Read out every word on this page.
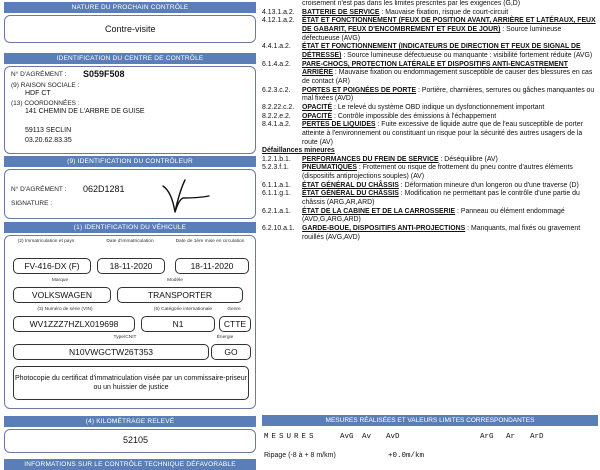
NATURE DU PROCHAIN CONTRÔLE
Contre-visite
IDENTIFICATION DU CENTRE DE CONTRÔLE
N° D'AGRÉMENT : S059F508
(9) RAISON SOCIALE :
HDF CT
(13) COORDONNÉES :
141 CHEMIN DE L'ARBRE DE GUISE
59113 SECLIN
03.20.62.83.35
(9) IDENTIFICATION DU CONTRÔLEUR
N° D'AGRÉMENT : 062D1281
SIGNATURE :
(1) IDENTIFICATION DU VÉHICULE
(2) Immatriculation et pays	Date d'immatriculation	Date de 1ère mise en circulation
FV-416-DX (F)	18-11-2020	18-11-2020
Marque	Modèle
VOLKSWAGEN	TRANSPORTER
(3) Numéro de série (VIN)	(5) Catégorie internationale	Genre
WV1ZZZ7HZLX019698	N1	CTTE
Type/CNIT	Énergie
N10VWGCTW26T353	GO
Photocopie du certificat d'immatriculation visée par un commissaire-priseur ou un huissier de justice
(4) KILOMÉTRAGE RELEVÉ
52105
INFORMATIONS SUR LE CONTRÔLE TECHNIQUE DÉFAVORABLE
croisement n'est pas dans les limites prescrites par les exigences (G,D)
4.13.1.a.2.	BATTERIE DE SERVICE : Mauvaise fixation, risque de court-circuit
4.12.1.a.2.	ÉTAT ET FONCTIONNEMENT (FEUX DE POSITION AVANT, ARRIÈRE ET LATÉRAUX, FEUX DE GABARIT, FEUX D'ENCOMBREMENT ET FEUX DE JOUR) : Source lumineuse défectueuse (AVG)
4.4.1.a.2.	ÉTAT ET FONCTIONNEMENT (INDICATEURS DE DIRECTION ET FEUX DE SIGNAL DE DÉTRESSE) : Source lumineuse défectueuse ou manquante : visibilité fortement réduite (AVG)
6.1.4.a.2.	PARE-CHOCS, PROTECTION LATÉRALE ET DISPOSITIFS ANTI-ENCASTREMENT ARRIÈRE : Mauvaise fixation ou endommagement susceptible de causer des blessures en cas de contact (AR)
6.2.3.c.2.	PORTES ET POIGNÉES DE PORTE : Portière, charnières, serrures ou gâches manquantes ou mal fixées (AVD)
8.2.22.c.2.	OPACITÉ : Le relevé du système OBD indique un dysfonctionnement important
8.2.2.e.2.	OPACITÉ : Contrôle impossible des émissions à l'échappement
8.4.1.a.2.	PERTES DE LIQUIDES : Fuite excessive de liquide autre que de l'eau susceptible de porter atteinte à l'environnement ou constituant un risque pour la sécurité des autres usagers de la route (AV)
Défaillances mineures
1.2.1.b.1.	PERFORMANCES DU FREIN DE SERVICE : Déséquilibre (AV)
5.2.3.f.1.	PNEUMATIQUES : Frottement ou risque de frottement du pneu contre d'autres éléments (dispositifs antiprojections souples) (AV)
6.1.1.a.1.	ÉTAT GÉNÉRAL DU CHÂSSIS : Déformation mineure d'un longeron ou d'une traverse (D)
6.1.1.g.1.	ÉTAT GÉNÉRAL DU CHÂSSIS : Modification ne permettant pas le contrôle d'une partie du châssis (ARG,AR,ARD)
6.2.1.a.1.	ÉTAT DE LA CABINE ET DE LA CARROSSERIE : Panneau ou élément endommagé (AVD,G,ARG,ARD)
6.2.10.a.1.	GARDE-BOUE, DISPOSITIFS ANTI-PROJECTIONS : Manquants, mal fixés ou gravement rouillés (AVG,AVD)
MESURES RÉALISÉES ET VALEURS LIMITES CORRESPONDANTES
MESURES	AvG Av AvD	ArG Ar ArD
Ripage (-8 à + 8 m/km)	+0.0m/km
